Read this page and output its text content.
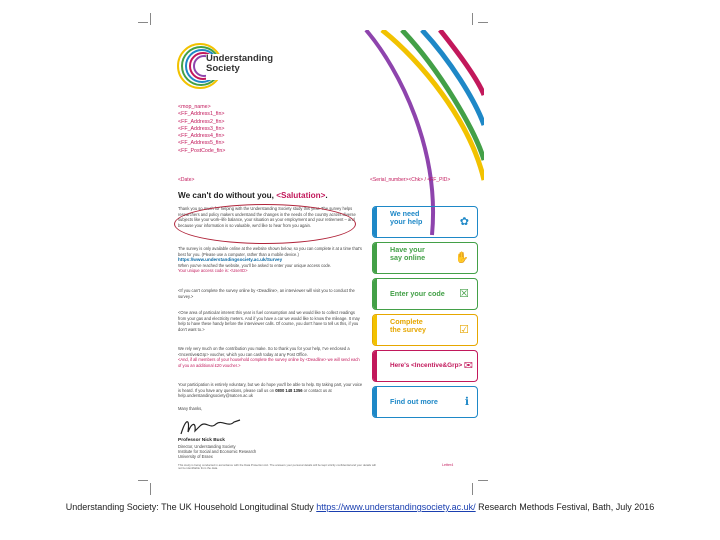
Understanding
Society
<mop_name>
<FF_Address1_fin>
<FF_Address2_fin>
<FF_Address3_fin>
<FF_Address4_fin>
<FF_Address5_fin>
<FF_PostCode_fin>
<Date>	<Serial_number><Chk> / <FF_PID>
We can't do without you, <Salutation>.
Thank you so much for helping with the Understanding Society study this year. The survey helps researchers and policy makers understand the changes in the needs of the country across diverse subjects like your work–life balance, your situation as your employment and your retirement – and because your information is so valuable, we'd like to hear from you again.
The survey is only available online at the website shown below, so you can complete it at a time that's best for you. (Please use a computer, rather than a mobile device.)
https://www.understandingsociety.ac.uk/Survey
When you've reached the website, you'll be asked to enter your unique access code.
Your unique access code is: <UserID>
<If you can't complete the survey online by <Deadline>, an interviewer will visit you to conduct the survey.>
<One area of particular interest this year is fuel consumption and we would like to collect readings from your gas and electricity meters. And if you have a car we would like to know the mileage. It may help to have these handy before the interviewer calls. Of course, you don't have to tell us this, if you don't want to.>
We rely very much on the contribution you make. So to thank you for your help, I've enclosed a <Incentive&Grp> voucher, which you can cash today at any Post Office.
<And, if all members of your household complete the survey online by <Deadline> we will send each of you an additional £20 voucher.>
Your participation is entirely voluntary, but we do hope you'll be able to help. By taking part, your voice is heard. If you have any questions, please call us on 0800 148 1356 or contact us at help.understandingsociety@natcen.ac.uk
Many thanks,
Professor Nick Buck
Director, Understanding Society
Institute for Social and Economic Research
University of Essex
This study is being conducted in accordance with the Data Protection Act. The answers your personal details will be kept strictly confidential and your details will not be identifiable from the data.
Letter4
We need
your help	✿
Have your
say online	✋
Enter your code ☒
Complete
the survey	☑
Here's <Incentive&Grp> ✉
Find out more ℹ
Understanding Society: The UK Household Longitudinal Study https://www.understandingsociety.ac.uk/ Research Methods Festival, Bath, July 2016
